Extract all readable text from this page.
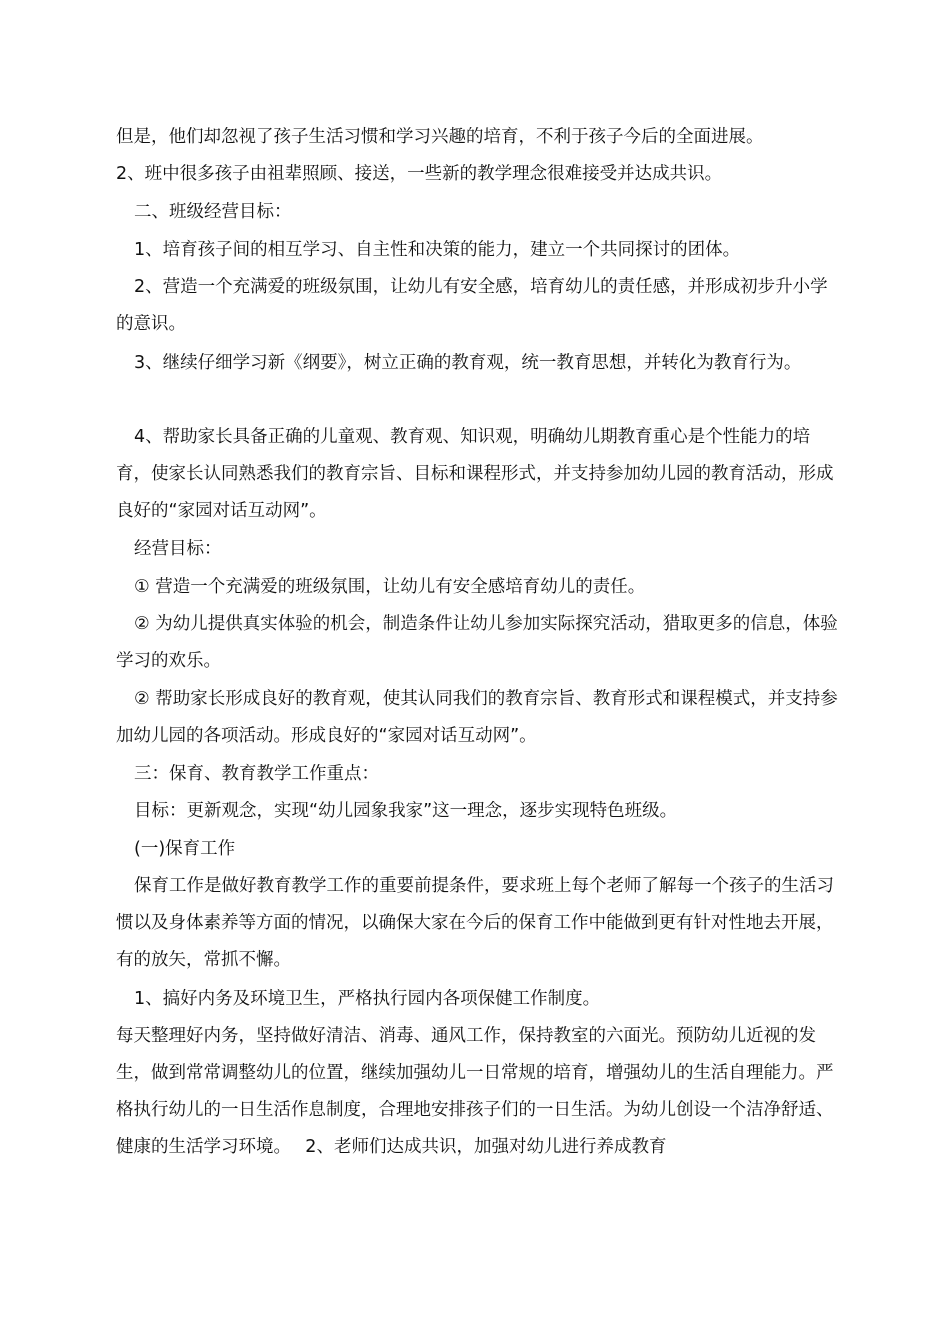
但是，他们却忽视了孩子生活习惯和学习兴趣的培育，不利于孩子今后的全面进展。

2、班中很多孩子由祖辈照顾、接送，一些新的教学理念很难接受并达成共识。

二、班级经营目标：

1、培育孩子间的相互学习、自主性和决策的能力，建立一个共同探讨的团体。

2、营造一个充满爱的班级氛围，让幼儿有安全感，培育幼儿的责任感，并形成初步升小学的意识。

3、继续仔细学习新《纲要》，树立正确的教育观，统一教育思想，并转化为教育行为。

4、帮助家长具备正确的儿童观、教育观、知识观，明确幼儿期教育重心是个性能力的培育，使家长认同熟悉我们的教育宗旨、目标和课程形式，并支持参加幼儿园的教育活动，形成良好的“家园对话互动网”。

经营目标：

① 营造一个充满爱的班级氛围，让幼儿有安全感培育幼儿的责任。

② 为幼儿提供真实体验的机会，制造条件让幼儿参加实际探究活动，猎取更多的信息，体验学习的欢乐。

② 帮助家长形成良好的教育观，使其认同我们的教育宗旨、教育形式和课程模式，并支持参加幼儿园的各项活动。形成良好的“家园对话互动网”。

三：保育、教育教学工作重点：

目标：更新观念，实现“幼儿园象我家”这一理念，逐步实现特色班级。

(一)保育工作

保育工作是做好教育教学工作的重要前提条件，要求班上每个老师了解每一个孩子的生活习惯以及身体素养等方面的情况，以确保大家在今后的保育工作中能做到更有针对性地去开展，有的放矢，常抓不懈。

1、搞好内务及环境卫生，严格执行园内各项保健工作制度。

每天整理好内务，坚持做好清洁、消毒、通风工作，保持教室的六面光。预防幼儿近视的发生，做到常常调整幼儿的位置，继续加强幼儿一日常规的培育，增强幼儿的生活自理能力。严格执行幼儿的一日生活作息制度，合理地安排孩子们的一日生活。为幼儿创设一个洁净舒适、健康的生活学习环境。　 2、老师们达成共识，加强对幼儿进行养成教育
